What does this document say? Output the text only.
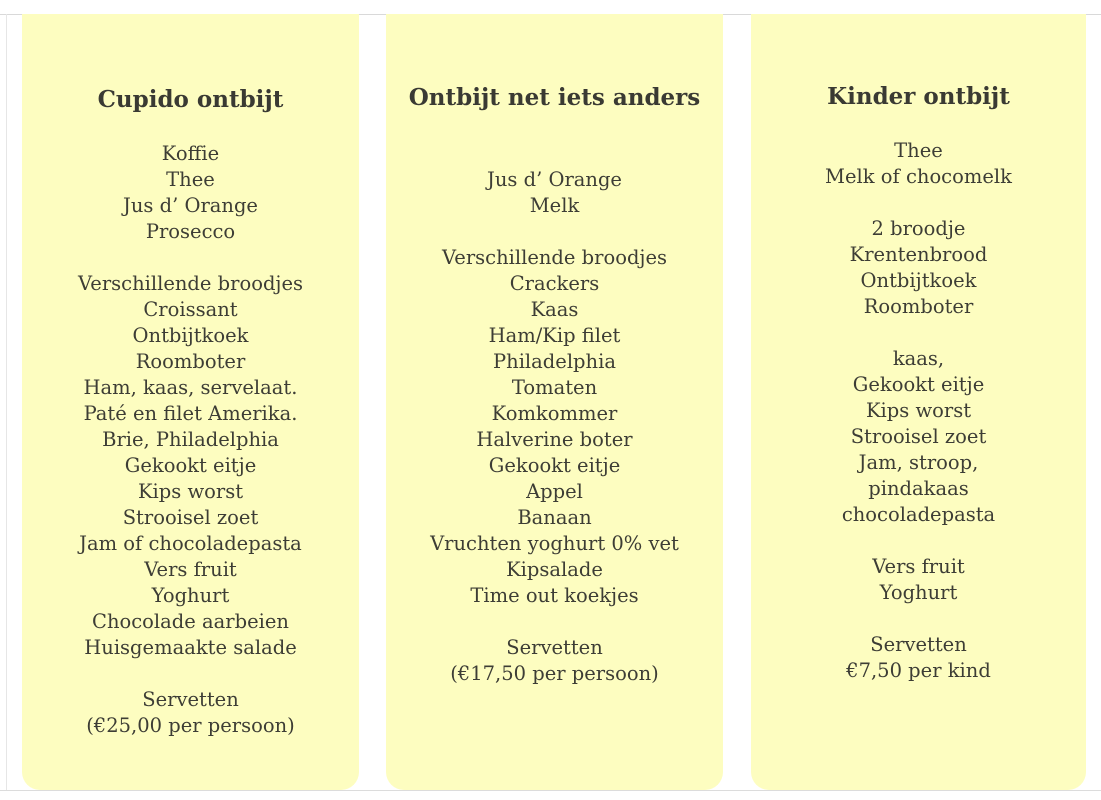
Cupido ontbijt
Koffie
Thee
Jus d’ Orange
Prosecco
Verschillende broodjes
Croissant
Ontbijtkoek
Roomboter
Ham, kaas, servelaat.
Paté en filet Amerika.
Brie, Philadelphia
Gekookt eitje
Kips worst
Strooisel zoet
Jam of chocoladepasta
Vers fruit
Yoghurt
Chocolade aarbeien
Huisgemaakte salade
Servetten
(€25,00 per persoon)
Ontbijt net iets anders
Jus d’ Orange
Melk
Verschillende broodjes
Crackers
Kaas
Ham/Kip filet
Philadelphia
Tomaten
Komkommer
Halverine boter
Gekookt eitje
Appel
Banaan
Vruchten yoghurt 0% vet
Kipsalade
Time out koekjes
Servetten
(€17,50 per persoon)
Kinder ontbijt
Thee
Melk of chocomelk
2 broodje
Krentenbrood
Ontbijtkoek
Roomboter
kaas,
Gekookt eitje
Kips worst
Strooisel zoet
Jam, stroop,
pindakaas
chocoladepasta
Vers fruit
Yoghurt
Servetten
€7,50 per kind
